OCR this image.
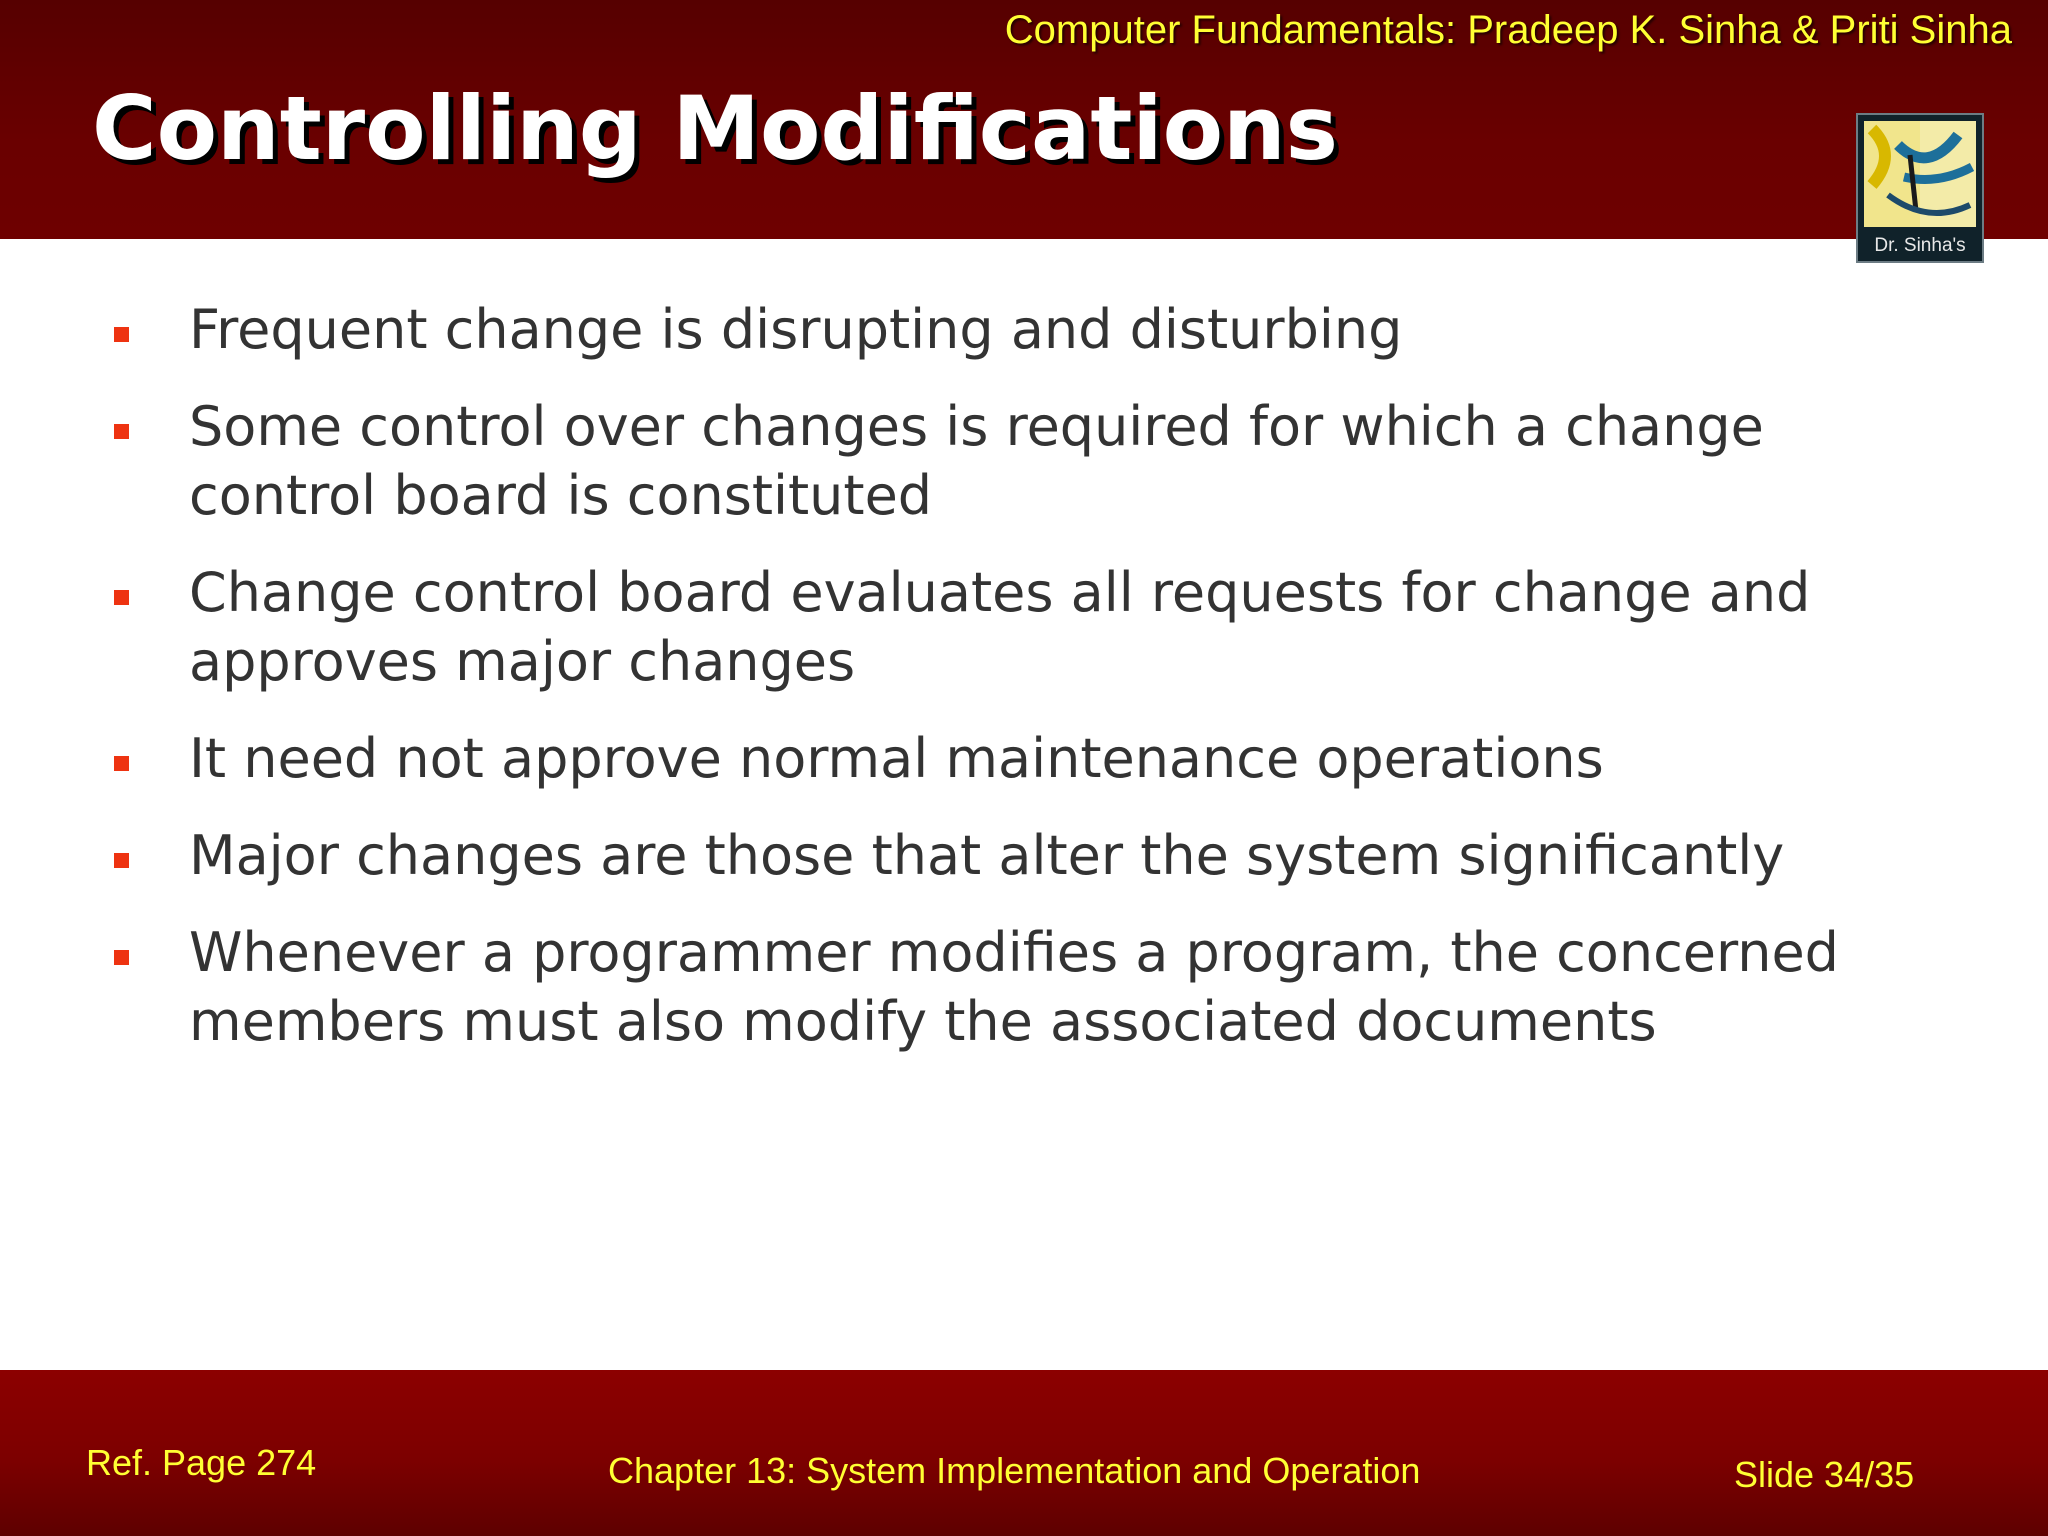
Computer Fundamentals: Pradeep K. Sinha & Priti Sinha
Controlling Modifications
Dr. Sinha's
Frequent change is disrupting and disturbing
Some control over changes is required for which a change control board is constituted
Change control board evaluates all requests for change and approves major changes
It need not approve normal maintenance operations
Major changes are those that alter the system significantly
Whenever a programmer modifies a program, the concerned members must also modify the associated documents
Ref. Page 274	Chapter 13: System Implementation and Operation	Slide 34/35
